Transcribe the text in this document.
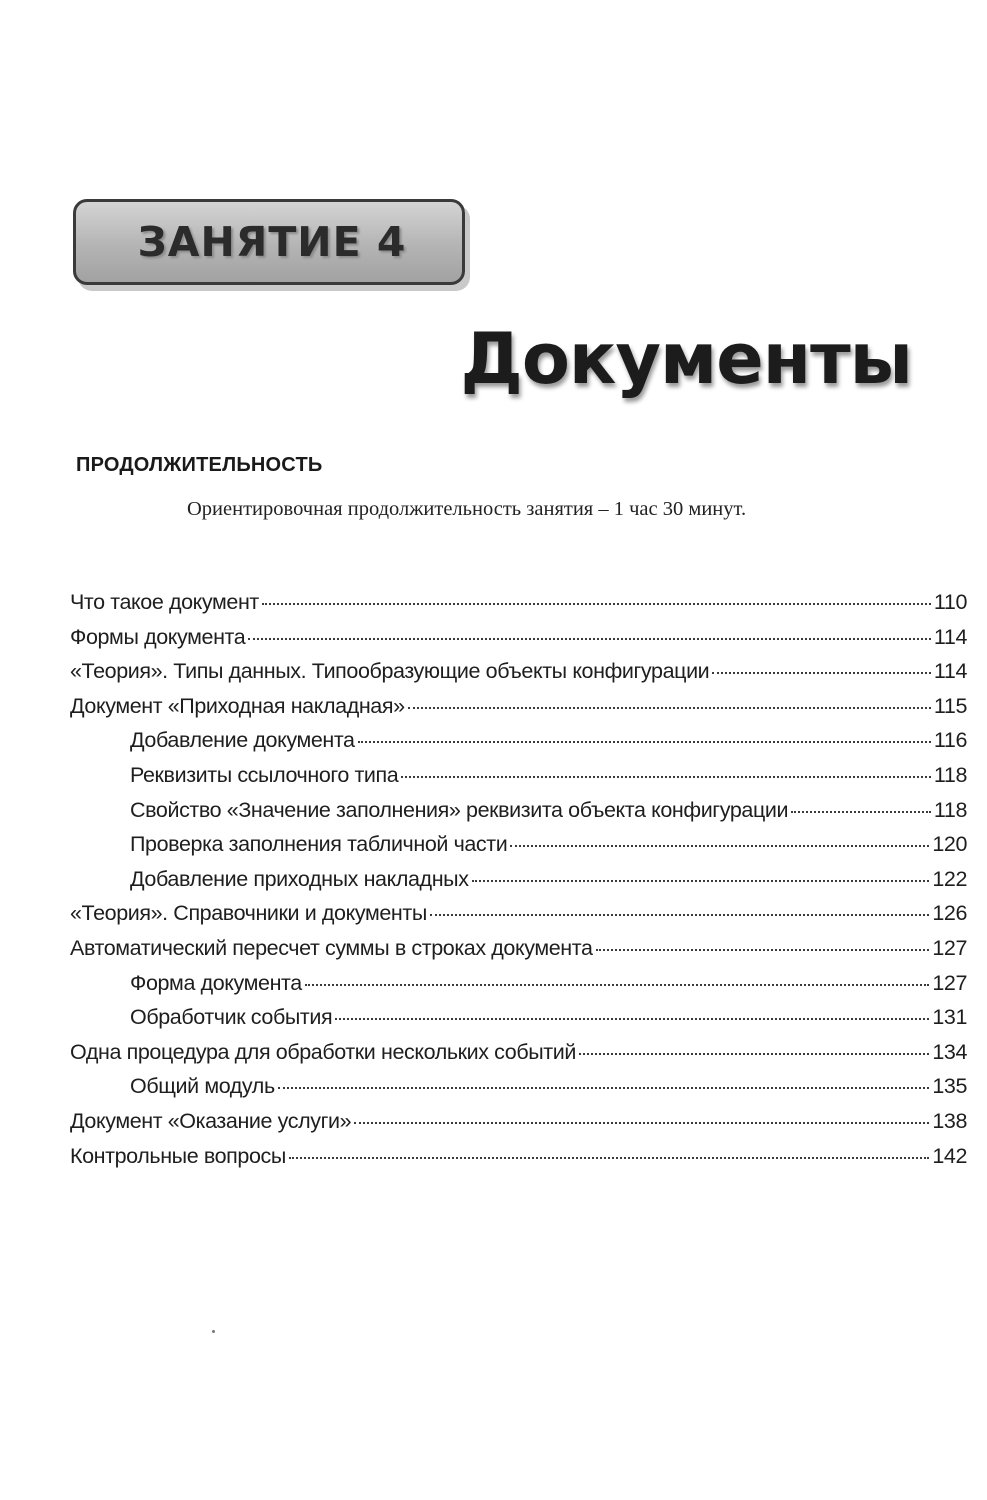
ЗАНЯТИЕ 4
Документы
ПРОДОЛЖИТЕЛЬНОСТЬ

Ориентировочная продолжительность занятия – 1 час 30 минут.

Что такое документ	110
Формы документа	114
«Теория». Типы данных. Типообразующие объекты конфигурации	114
Документ «Приходная накладная»	115
Добавление документа	116
Реквизиты ссылочного типа	118
Свойство «Значение заполнения» реквизита объекта конфигурации	118
Проверка заполнения табличной части	120
Добавление приходных накладных	122
«Теория». Справочники и документы	126
Автоматический пересчет суммы в строках документа	127
Форма документа	127
Обработчик события	131
Одна процедура для обработки нескольких событий	134
Общий модуль	135
Документ «Оказание услуги»	138
Контрольные вопросы	142
